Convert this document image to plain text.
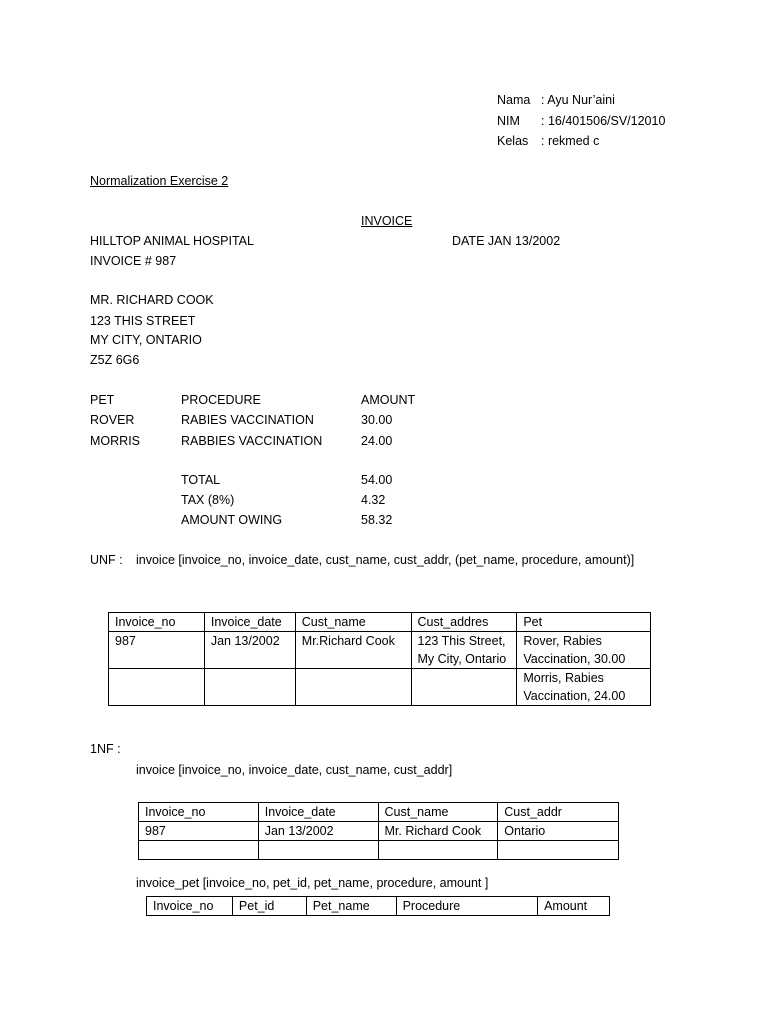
Nama : Ayu Nur’aini
NIM : 16/401506/SV/12010
Kelas : rekmed c
Normalization Exercise 2
INVOICE
HILLTOP ANIMAL HOSPITAL	DATE JAN 13/2002
INVOICE # 987
MR. RICHARD COOK
123 THIS STREET
MY CITY, ONTARIO
Z5Z 6G6
PET	PROCEDURE	AMOUNT
ROVER	RABIES VACCINATION	30.00
MORRIS	RABBIES VACCINATION	24.00
TOTAL	54.00
TAX (8%)	4.32
AMOUNT OWING	58.32
UNF : invoice [invoice_no, invoice_date, cust_name, cust_addr, (pet_name, procedure, amount)]
Invoice_no	Invoice_date	Cust_name	Cust_addres	Pet
987	Jan 13/2002	Mr.Richard Cook	123 This Street, My City, Ontario	Rover, Rabies Vaccination, 30.00
				Morris, Rabies Vaccination, 24.00
1NF :
invoice [invoice_no, invoice_date, cust_name, cust_addr]
Invoice_no	Invoice_date	Cust_name	Cust_addr
987	Jan 13/2002	Mr. Richard Cook	Ontario

invoice_pet [invoice_no, pet_id, pet_name, procedure, amount ]
Invoice_no	Pet_id	Pet_name	Procedure	Amount
